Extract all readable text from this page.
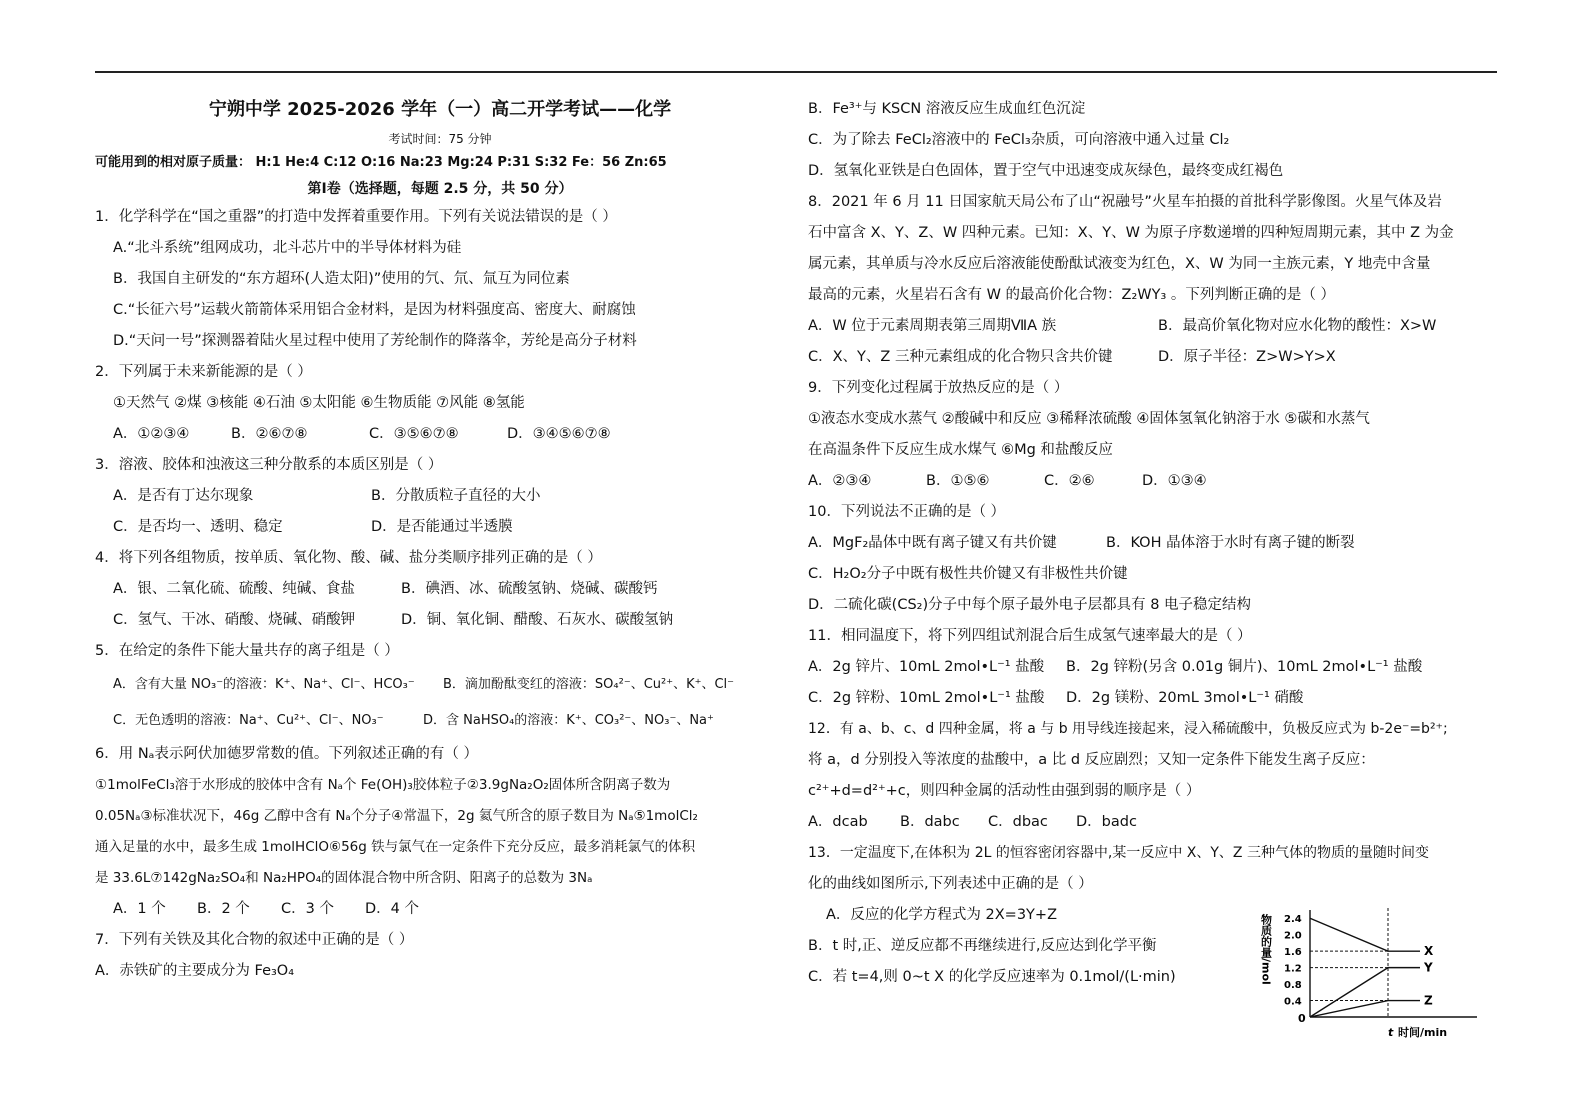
宁朔中学 2025-2026 学年（一）高二开学考试——化学
考试时间：75 分钟
可能用到的相对原子质量： H:1 He:4 C:12 O:16 Na:23 Mg:24 P:31 S:32 Fe：56 Zn:65
第Ⅰ卷（选择题，每题 2.5 分，共 50 分）
1．化学科学在“国之重器”的打造中发挥着重要作用。下列有关说法错误的是（ ）
A.“北斗系统”组网成功，北斗芯片中的半导体材料为硅
B．我国自主研发的“东方超环(人造太阳)”使用的氕、氘、氚互为同位素
C.“长征六号”运载火箭箭体采用铝合金材料，是因为材料强度高、密度大、耐腐蚀
D.“天问一号”探测器着陆火星过程中使用了芳纶制作的降落伞，芳纶是高分子材料
2．下列属于未来新能源的是（ ）
①天然气 ②煤 ③核能 ④石油 ⑤太阳能 ⑥生物质能 ⑦风能 ⑧氢能
A．①②③④	B．②⑥⑦⑧	C．③⑤⑥⑦⑧	D．③④⑤⑥⑦⑧
3．溶液、胶体和浊液这三种分散系的本质区别是（ ）
A．是否有丁达尔现象	B．分散质粒子直径的大小
C．是否均一、透明、稳定	D．是否能通过半透膜
4．将下列各组物质，按单质、氧化物、酸、碱、盐分类顺序排列正确的是（ ）
A．银、二氧化硫、硫酸、纯碱、食盐	B．碘酒、冰、硫酸氢钠、烧碱、碳酸钙
C．氢气、干冰、硝酸、烧碱、硝酸钾	D．铜、氧化铜、醋酸、石灰水、碳酸氢钠
5．在给定的条件下能大量共存的离子组是（ ）
A．含有大量 NO₃⁻的溶液：K⁺、Na⁺、Cl⁻、HCO₃⁻ B．滴加酚酞变红的溶液：SO₄²⁻、Cu²⁺、K⁺、Cl⁻
C．无色透明的溶液：Na⁺、Cu²⁺、Cl⁻、NO₃⁻	D．含 NaHSO₄的溶液：K⁺、CO₃²⁻、NO₃⁻、Na⁺
6．用 Nₐ表示阿伏加德罗常数的值。下列叙述正确的有（ ）
①1molFeCl₃溶于水形成的胶体中含有 Nₐ个 Fe(OH)₃胶体粒子②3.9gNa₂O₂固体所含阴离子数为
0.05Nₐ③标准状况下，46g 乙醇中含有 Nₐ个分子④常温下，2g 氦气所含的原子数目为 Nₐ⑤1molCl₂
通入足量的水中，最多生成 1molHClO⑥56g 铁与氯气在一定条件下充分反应，最多消耗氯气的体积
是 33.6L⑦142gNa₂SO₄和 Na₂HPO₄的固体混合物中所含阴、阳离子的总数为 3Nₐ
A．1 个 B．2 个 C．3 个 D．4 个
7．下列有关铁及其化合物的叙述中正确的是（ ）
A．赤铁矿的主要成分为 Fe₃O₄
B．Fe³⁺与 KSCN 溶液反应生成血红色沉淀
C．为了除去 FeCl₂溶液中的 FeCl₃杂质，可向溶液中通入过量 Cl₂
D．氢氧化亚铁是白色固体，置于空气中迅速变成灰绿色，最终变成红褐色
8．2021 年 6 月 11 日国家航天局公布了山“祝融号”火星车拍摄的首批科学影像图。火星气体及岩
石中富含 X、Y、Z、W 四种元素。已知：X、Y、W 为原子序数递增的四种短周期元素，其中 Z 为金
属元素，其单质与冷水反应后溶液能使酚酞试液变为红色，X、W 为同一主族元素，Y 地壳中含量
最高的元素，火星岩石含有 W 的最高价化合物：Z₂WY₃ 。下列判断正确的是（ ）
A．W 位于元素周期表第三周期ⅦA 族	B．最高价氧化物对应水化物的酸性：X>W
C．X、Y、Z 三种元素组成的化合物只含共价键	D．原子半径：Z>W>Y>X
9．下列变化过程属于放热反应的是（ ）
①液态水变成水蒸气 ②酸碱中和反应 ③稀释浓硫酸 ④固体氢氧化钠溶于水 ⑤碳和水蒸气
在高温条件下反应生成水煤气 ⑥Mg 和盐酸反应
A．②③④	B．①⑤⑥	C．②⑥	D．①③④
10．下列说法不正确的是（ ）
A．MgF₂晶体中既有离子键又有共价键	B．KOH 晶体溶于水时有离子键的断裂
C．H₂O₂分子中既有极性共价键又有非极性共价键
D．二硫化碳(CS₂)分子中每个原子最外电子层都具有 8 电子稳定结构
11．相同温度下，将下列四组试剂混合后生成氢气速率最大的是（ ）
A．2g 锌片、10mL 2mol•L⁻¹ 盐酸 B．2g 锌粉(另含 0.01g 铜片)、10mL 2mol•L⁻¹ 盐酸
C．2g 锌粉、10mL 2mol•L⁻¹ 盐酸 D．2g 镁粉、20mL 3mol•L⁻¹ 硝酸
12．有 a、b、c、d 四种金属，将 a 与 b 用导线连接起来，浸入稀硫酸中，负极反应式为 b-2e⁻=b²⁺;
将 a，d 分别投入等浓度的盐酸中，a 比 d 反应剧烈；又知一定条件下能发生离子反应：
c²⁺+d=d²⁺+c，则四种金属的活动性由强到弱的顺序是（ ）
A．dcab B．dabc C．dbac D．badc
13．一定温度下,在体积为 2L 的恒容密闭容器中,某一反应中 X、Y、Z 三种气体的物质的量随时间变
化的曲线如图所示,下列表述中正确的是（ ）
A．反应的化学方程式为 2X=3Y+Z
B．t 时,正、逆反应都不再继续进行,反应达到化学平衡
C．若 t=4,则 0~t X 的化学反应速率为 0.1mol/(L·min)	物质的量/mol 2.4
2.0
1.6
1.2
0.8
0.4
X
Y
Z
0
t 时间/min
